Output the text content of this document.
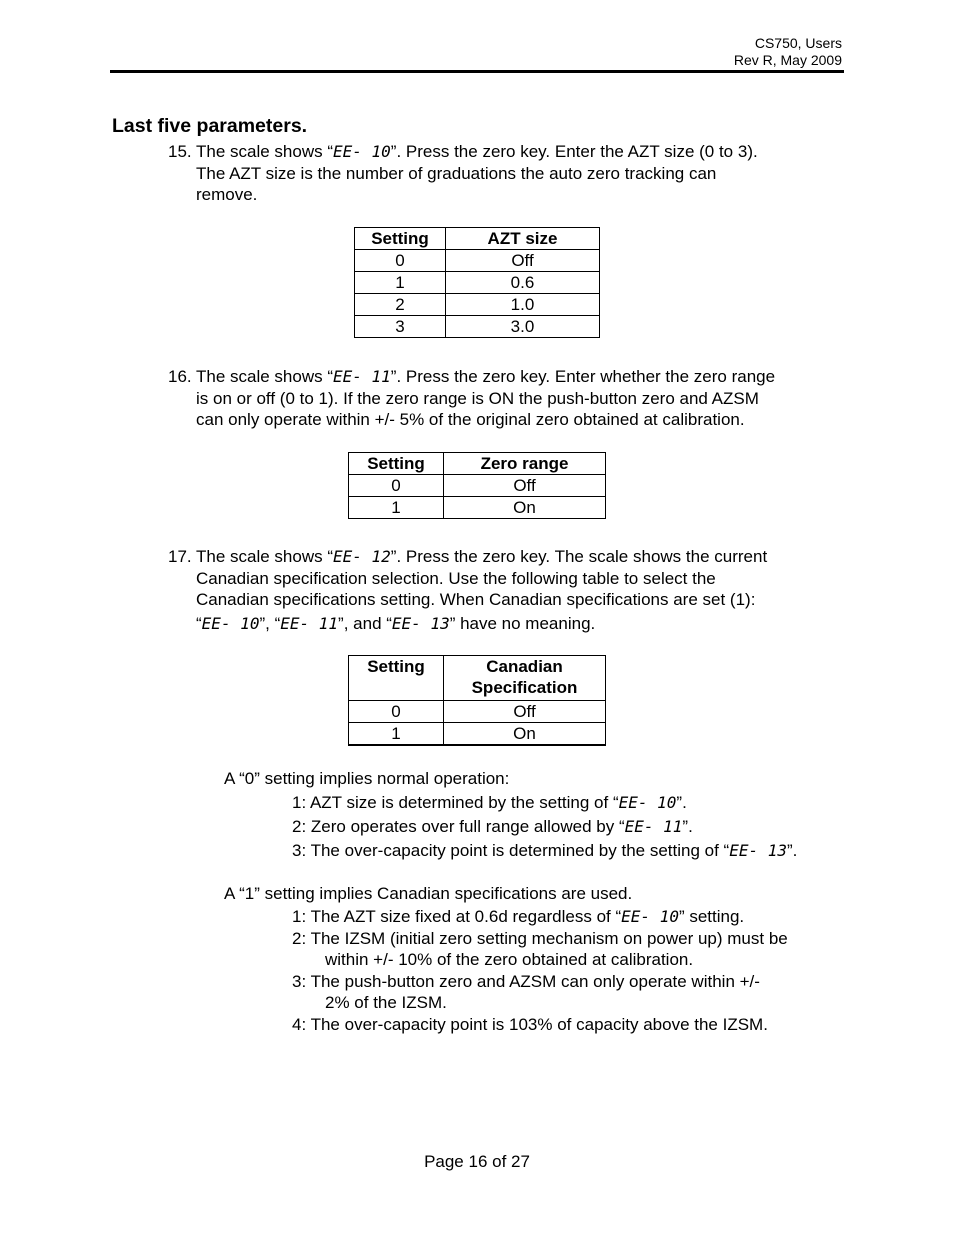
CS750, Users
Rev R, May 2009
Last five parameters.
15. The scale shows “EE- 10”. Press the zero key. Enter the AZT size (0 to 3).
The AZT size is the number of graduations the auto zero tracking can
remove.
Setting	AZT size
0	Off
1	0.6
2	1.0
3	3.0
16. The scale shows “EE- 11”. Press the zero key. Enter whether the zero range
is on or off (0 to 1). If the zero range is ON the push-button zero and AZSM
can only operate within +/- 5% of the original zero obtained at calibration.
Setting	Zero range
0	Off
1	On
17. The scale shows “EE- 12”. Press the zero key. The scale shows the current
Canadian specification selection. Use the following table to select the
Canadian specifications setting. When Canadian specifications are set (1):
“EE- 10”, “EE- 11”, and “EE- 13” have no meaning.
Setting	Canadian
Specification
0	Off
1	On
A “0” setting implies normal operation:
1: AZT size is determined by the setting of “EE- 10”.
2: Zero operates over full range allowed by “EE- 11”.
3: The over-capacity point is determined by the setting of “EE- 13”.
A “1” setting implies Canadian specifications are used.
1: The AZT size fixed at 0.6d regardless of “EE- 10” setting.
2: The IZSM (initial zero setting mechanism on power up) must be
within +/- 10% of the zero obtained at calibration.
3: The push-button zero and AZSM can only operate within +/-
2% of the IZSM.
4: The over-capacity point is 103% of capacity above the IZSM.
Page 16 of 27
